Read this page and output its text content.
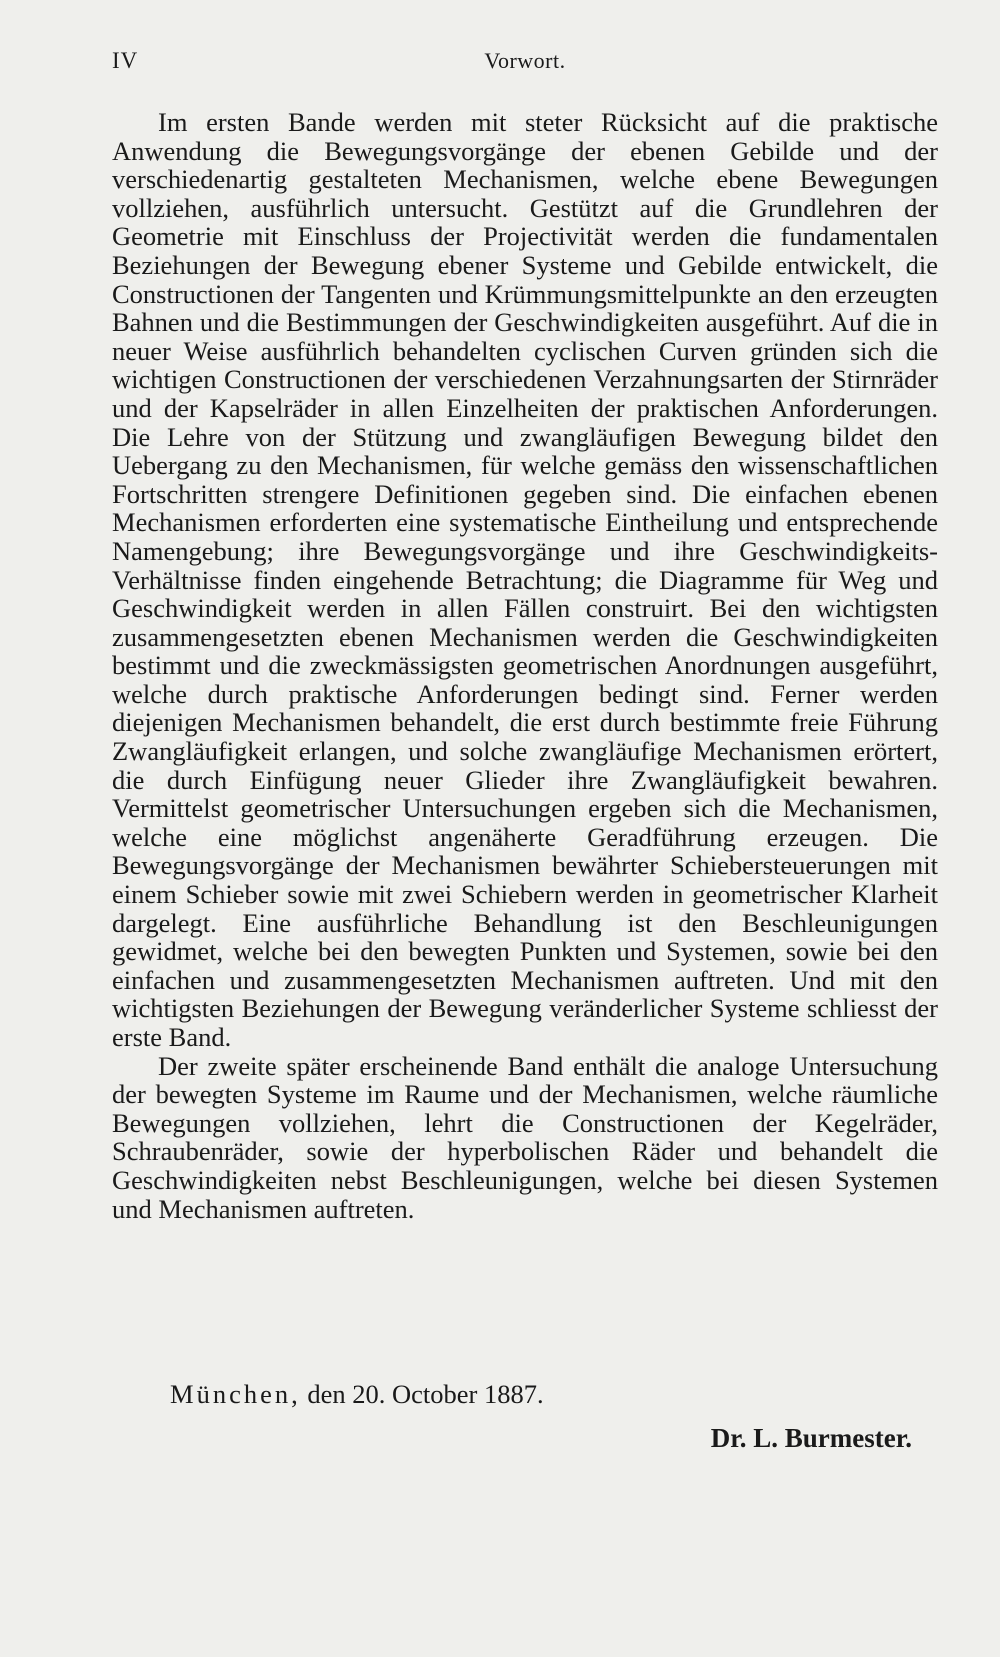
IV	Vorwort.

Im ersten Bande werden mit steter Rücksicht auf die praktische Anwendung die Bewegungsvorgänge der ebenen Gebilde und der verschiedenartig gestalteten Mechanismen, welche ebene Bewegungen vollziehen, ausführlich untersucht. Gestützt auf die Grundlehren der Geometrie mit Einschluss der Projectivität werden die fundamentalen Beziehungen der Bewegung ebener Systeme und Gebilde entwickelt, die Constructionen der Tangenten und Krümmungsmittelpunkte an den erzeugten Bahnen und die Bestimmungen der Geschwindigkeiten ausgeführt. Auf die in neuer Weise ausführlich behandelten cyclischen Curven gründen sich die wichtigen Constructionen der verschiedenen Verzahnungsarten der Stirnräder und der Kapselräder in allen Einzelheiten der praktischen Anforderungen. Die Lehre von der Stützung und zwangläufigen Bewegung bildet den Uebergang zu den Mechanismen, für welche gemäss den wissenschaftlichen Fortschritten strengere Definitionen gegeben sind. Die einfachen ebenen Mechanismen erforderten eine systematische Eintheilung und entsprechende Namengebung; ihre Bewegungsvorgänge und ihre Geschwindigkeits-Verhältnisse finden eingehende Betrachtung; die Diagramme für Weg und Geschwindigkeit werden in allen Fällen construirt. Bei den wichtigsten zusammengesetzten ebenen Mechanismen werden die Geschwindigkeiten bestimmt und die zweckmässigsten geometrischen Anordnungen ausgeführt, welche durch praktische Anforderungen bedingt sind. Ferner werden diejenigen Mechanismen behandelt, die erst durch bestimmte freie Führung Zwangläufigkeit erlangen, und solche zwangläufige Mechanismen erörtert, die durch Einfügung neuer Glieder ihre Zwangläufigkeit bewahren. Vermittelst geometrischer Untersuchungen ergeben sich die Mechanismen, welche eine möglichst angenäherte Geradführung erzeugen. Die Bewegungsvorgänge der Mechanismen bewährter Schiebersteuerungen mit einem Schieber sowie mit zwei Schiebern werden in geometrischer Klarheit dargelegt. Eine ausführliche Behandlung ist den Beschleunigungen gewidmet, welche bei den bewegten Punkten und Systemen, sowie bei den einfachen und zusammengesetzten Mechanismen auftreten. Und mit den wichtigsten Beziehungen der Bewegung veränderlicher Systeme schliesst der erste Band.

Der zweite später erscheinende Band enthält die analoge Untersuchung der bewegten Systeme im Raume und der Mechanismen, welche räumliche Bewegungen vollziehen, lehrt die Constructionen der Kegelräder, Schraubenräder, sowie der hyperbolischen Räder und behandelt die Geschwindigkeiten nebst Beschleunigungen, welche bei diesen Systemen und Mechanismen auftreten.

München, den 20. October 1887.
Dr. L. Burmester.
